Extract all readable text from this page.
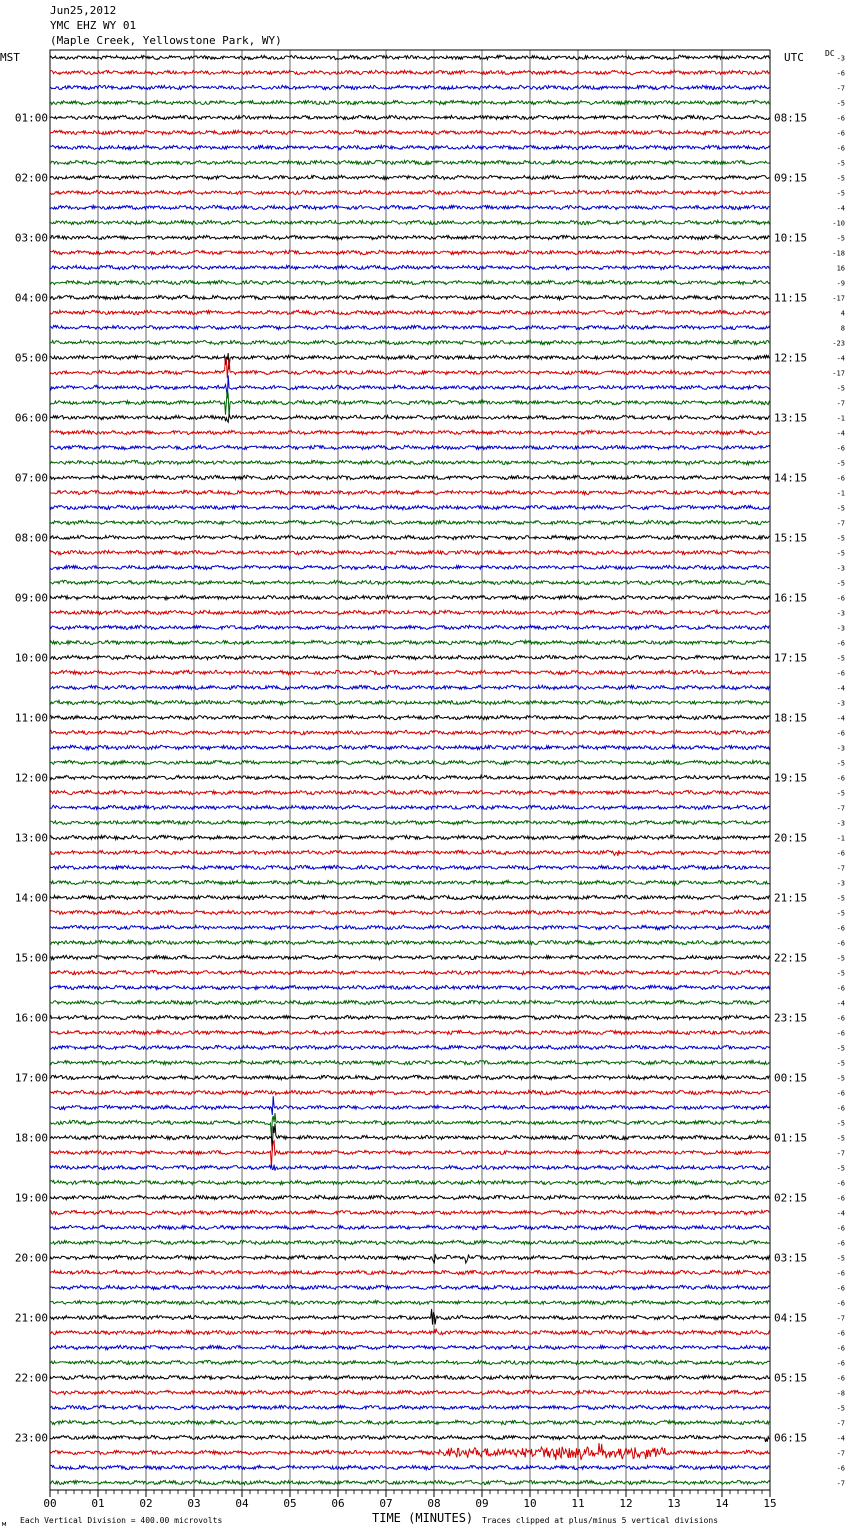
Jun25,2012
YMC EHZ WY 01
(Maple Creek, Yellowstone Park, WY)
00	01	02	03	04	05	06	07	08	09	10	11	12	13	14	15
-3
-6
-7
-5
-6
-6
-6
-5
-5
-5
-4
-10
-5
-18
16
-9
-17
4
8
-23
-4
-17
-5
-7
-1
-4
-6
-5
-6
-1
-5
-7
-5
-5
-3
-5
-6
-3
-3
-6
-5
-6
-4
-3
-4
-6
-3
-5
-6
-5
-7
-3
-1
-6
-7
-3
-5
-5
-6
-6
-5
-5
-6
-4
-6
-6
-5
-5
-5
-6
-6
-5
-5
-7
-5
-6
-6
-4
-6
-6
-5
-6
-6
-6
-7
-6
-6
-6
-6
-8
-5
-7
-4
-7
-6
-7
01:00
02:00
03:00
04:00
05:00
06:00
07:00
08:00
09:00
10:00
11:00
12:00
13:00
14:00
15:00
16:00
17:00
18:00
19:00
20:00
21:00
22:00
23:00
08:15
09:15
10:15
11:15
12:15
13:15
14:15
15:15
16:15
17:15
18:15
19:15
20:15
21:15
22:15
23:15
00:15
01:15
02:15
03:15
04:15
05:15
06:15
MST	UTC	DC
TIME (MINUTES)
Each Vertical Division = 400.00 microvolts	Traces clipped at plus/minus 5 vertical divisions
м
